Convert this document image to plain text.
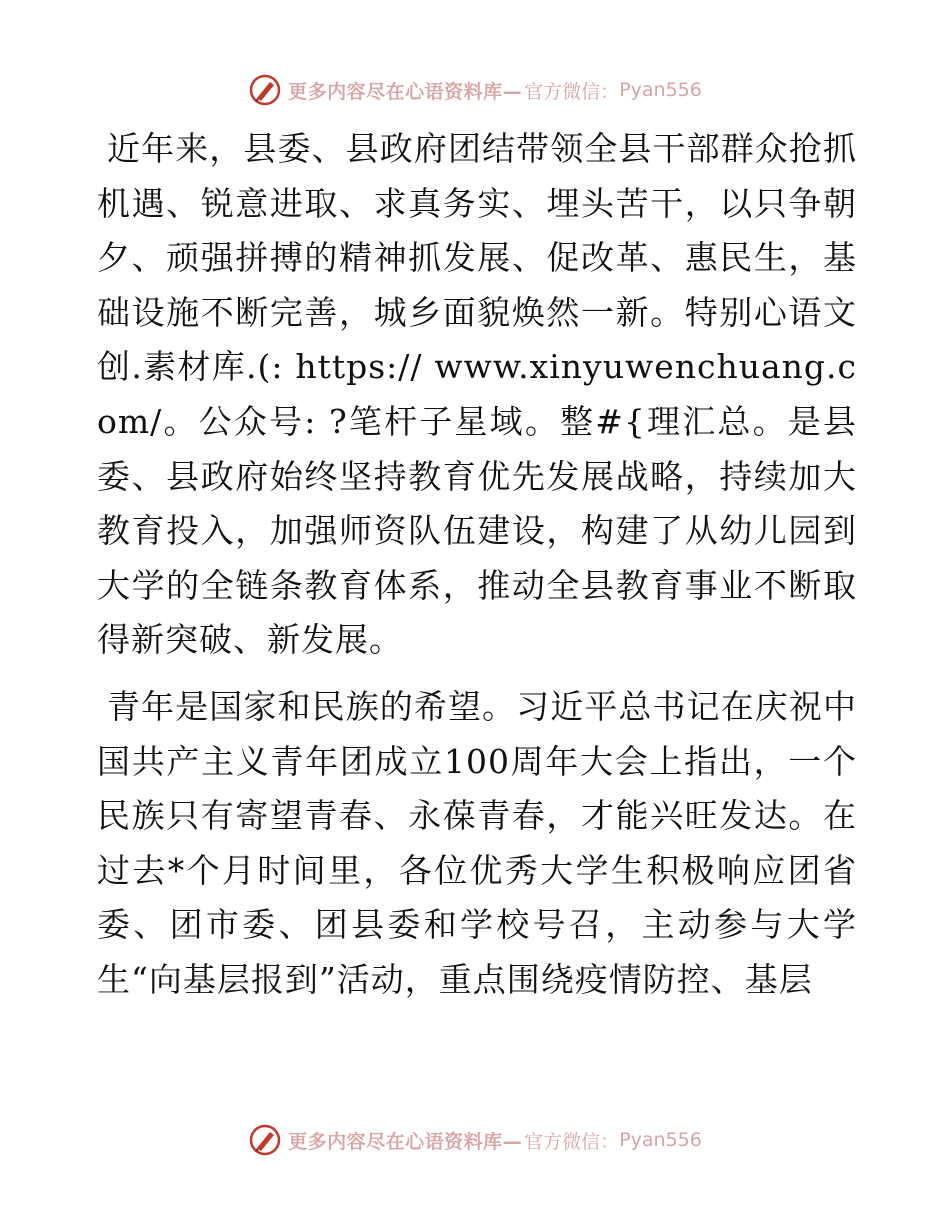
更多内容尽在心语资料库— 官方微信： Pyan556

近年来，县委、县政府团结带领全县干部群众抢抓机遇、锐意进取、求真务实、埋头苦干，以只争朝夕、顽强拼搏的精神抓发展、促改革、惠民生，基础设施不断完善，城乡面貌焕然一新。特别心语文创.素材库.(: https:// www.xinyuwenchuang.com/。公众号: ?笔杆子星域。整#{理汇总。是县委、县政府始终坚持教育优先发展战略，持续加大教育投入，加强师资队伍建设，构建了从幼儿园到大学的全链条教育体系，推动全县教育事业不断取得新突破、新发展。

青年是国家和民族的希望。习近平总书记在庆祝中国共产主义青年团成立100周年大会上指出，一个民族只有寄望青春、永葆青春，才能兴旺发达。在过去*个月时间里，各位优秀大学生积极响应团省委、团市委、团县委和学校号召，主动参与大学生“向基层报到”活动，重点围绕疫情防控、基层

更多内容尽在心语资料库— 官方微信： Pyan556
